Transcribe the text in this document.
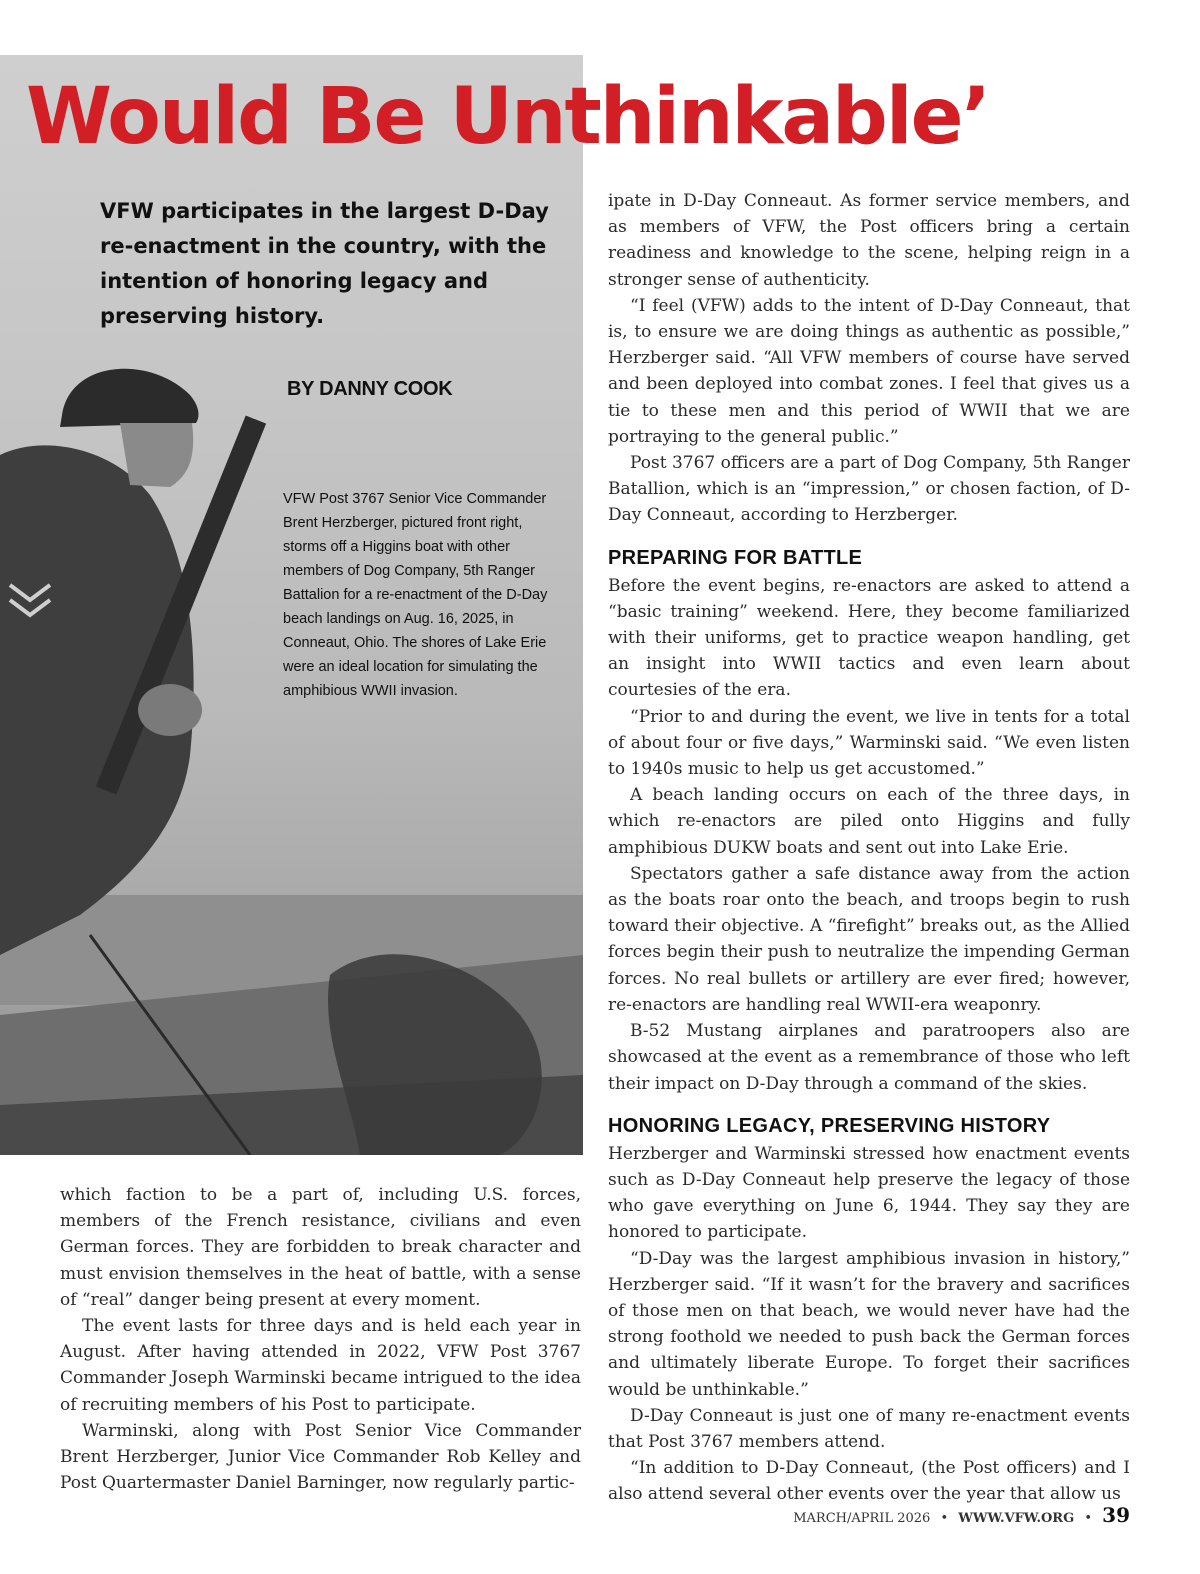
Would Be Unthinkable’

VFW participates in the largest D-Day re-enactment in the country, with the intention of honoring legacy and preserving history.

BY DANNY COOK

VFW Post 3767 Senior Vice Commander Brent Herzberger, pictured front right, storms off a Higgins boat with other members of Dog Company, 5th Ranger Battalion for a re-enactment of the D-Day beach landings on Aug. 16, 2025, in Conneaut, Ohio. The shores of Lake Erie were an ideal location for simulating the amphibious WWII invasion.

which faction to be a part of, including U.S. forces, members of the French resistance, civilians and even German forces. They are forbidden to break character and must envision themselves in the heat of battle, with a sense of “real” danger being present at every moment.

The event lasts for three days and is held each year in August. After having attended in 2022, VFW Post 3767 Commander Joseph Warminski became intrigued to the idea of recruiting members of his Post to participate.

Warminski, along with Post Senior Vice Commander Brent Herzberger, Junior Vice Commander Rob Kelley and Post Quartermaster Daniel Barninger, now regularly partic-

ipate in D-Day Conneaut. As former service members, and as members of VFW, the Post officers bring a certain readiness and knowledge to the scene, helping reign in a stronger sense of authenticity.

“I feel (VFW) adds to the intent of D-Day Conneaut, that is, to ensure we are doing things as authentic as possible,” Herzberger said. “All VFW members of course have served and been deployed into combat zones. I feel that gives us a tie to these men and this period of WWII that we are portraying to the general public.”

Post 3767 officers are a part of Dog Company, 5th Ranger Batallion, which is an “impression,” or chosen faction, of D-Day Conneaut, according to Herzberger.

PREPARING FOR BATTLE

Before the event begins, re-enactors are asked to attend a “basic training” weekend. Here, they become familiarized with their uniforms, get to practice weapon handling, get an insight into WWII tactics and even learn about courtesies of the era.

“Prior to and during the event, we live in tents for a total of about four or five days,” Warminski said. “We even listen to 1940s music to help us get accustomed.”

A beach landing occurs on each of the three days, in which re-enactors are piled onto Higgins and fully amphibious DUKW boats and sent out into Lake Erie.

Spectators gather a safe distance away from the action as the boats roar onto the beach, and troops begin to rush toward their objective. A “firefight” breaks out, as the Allied forces begin their push to neutralize the impending German forces. No real bullets or artillery are ever fired; however, re-enactors are handling real WWII-era weaponry.

B-52 Mustang airplanes and paratroopers also are showcased at the event as a remembrance of those who left their impact on D-Day through a command of the skies.

HONORING LEGACY, PRESERVING HISTORY

Herzberger and Warminski stressed how enactment events such as D-Day Conneaut help preserve the legacy of those who gave everything on June 6, 1944. They say they are honored to participate.

“D-Day was the largest amphibious invasion in history,” Herzberger said. “If it wasn’t for the bravery and sacrifices of those men on that beach, we would never have had the strong foothold we needed to push back the German forces and ultimately liberate Europe. To forget their sacrifices would be unthinkable.”

D-Day Conneaut is just one of many re-enactment events that Post 3767 members attend.

“In addition to D-Day Conneaut, (the Post officers) and I also attend several other events over the year that allow us

MARCH/APRIL 2026 • WWW.VFW.ORG • 39
